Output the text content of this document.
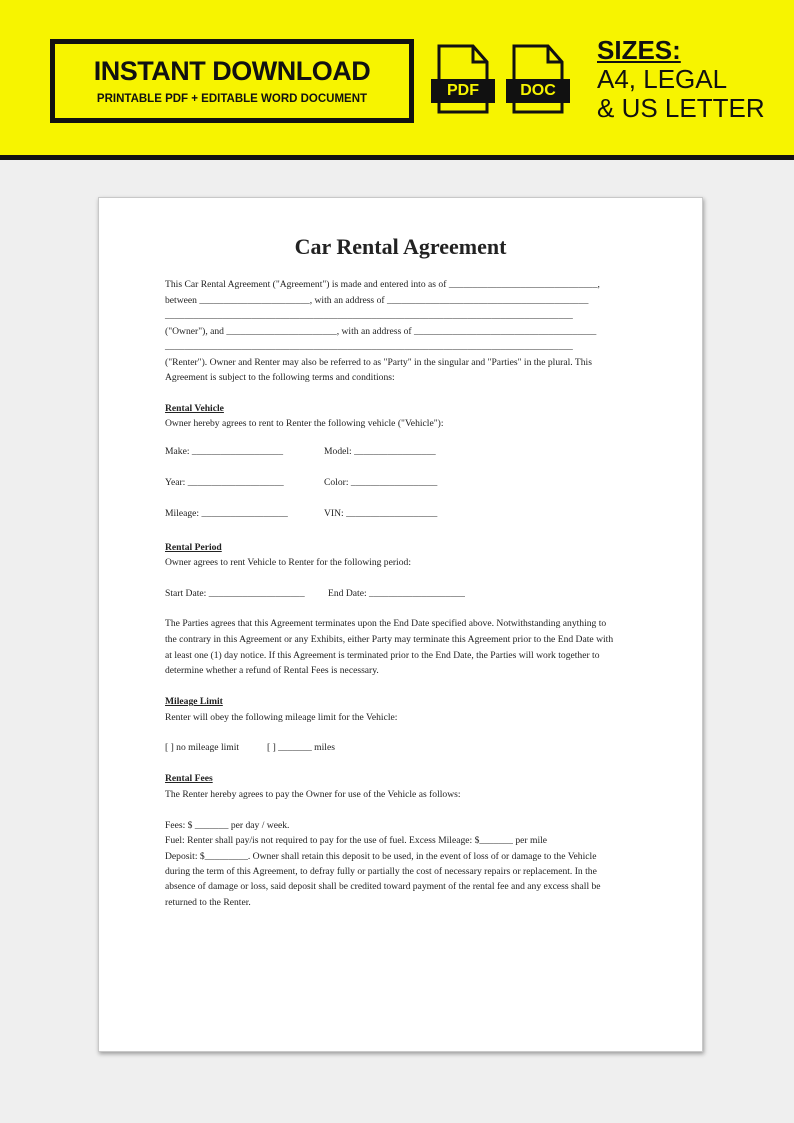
INSTANT DOWNLOAD
PRINTABLE PDF + EDITABLE WORD DOCUMENT	PDF	DOC
SIZES:
A4, LEGAL
& US LETTER
Car Rental Agreement
This Car Rental Agreement ("Agreement") is made and entered into as of _______________________________,
between _______________________, with an address of __________________________________________
_____________________________________________________________________________________
("Owner"), and _______________________, with an address of ______________________________________
_____________________________________________________________________________________
("Renter"). Owner and Renter may also be referred to as "Party" in the singular and "Parties" in the plural. This
Agreement is subject to the following terms and conditions:
Rental Vehicle
Owner hereby agrees to rent to Renter the following vehicle ("Vehicle"):
Make: ___________________	Model: _________________
Year: ____________________	Color: __________________
Mileage: __________________	VIN: ___________________
Rental Period
Owner agrees to rent Vehicle to Renter for the following period:
Start Date: ____________________ End Date: ____________________
The Parties agrees that this Agreement terminates upon the End Date specified above. Notwithstanding anything to
the contrary in this Agreement or any Exhibits, either Party may terminate this Agreement prior to the End Date with
at least one (1) day notice. If this Agreement is terminated prior to the End Date, the Parties will work together to
determine whether a refund of Rental Fees is necessary.
Mileage Limit
Renter will obey the following mileage limit for the Vehicle:
[ ] no mileage limit	[ ] _______ miles
Rental Fees
The Renter hereby agrees to pay the Owner for use of the Vehicle as follows:
Fees: $ _______ per day / week.
Fuel: Renter shall pay/is not required to pay for the use of fuel. Excess Mileage: $_______ per mile
Deposit: $_________. Owner shall retain this deposit to be used, in the event of loss of or damage to the Vehicle
during the term of this Agreement, to defray fully or partially the cost of necessary repairs or replacement. In the
absence of damage or loss, said deposit shall be credited toward payment of the rental fee and any excess shall be
returned to the Renter.
